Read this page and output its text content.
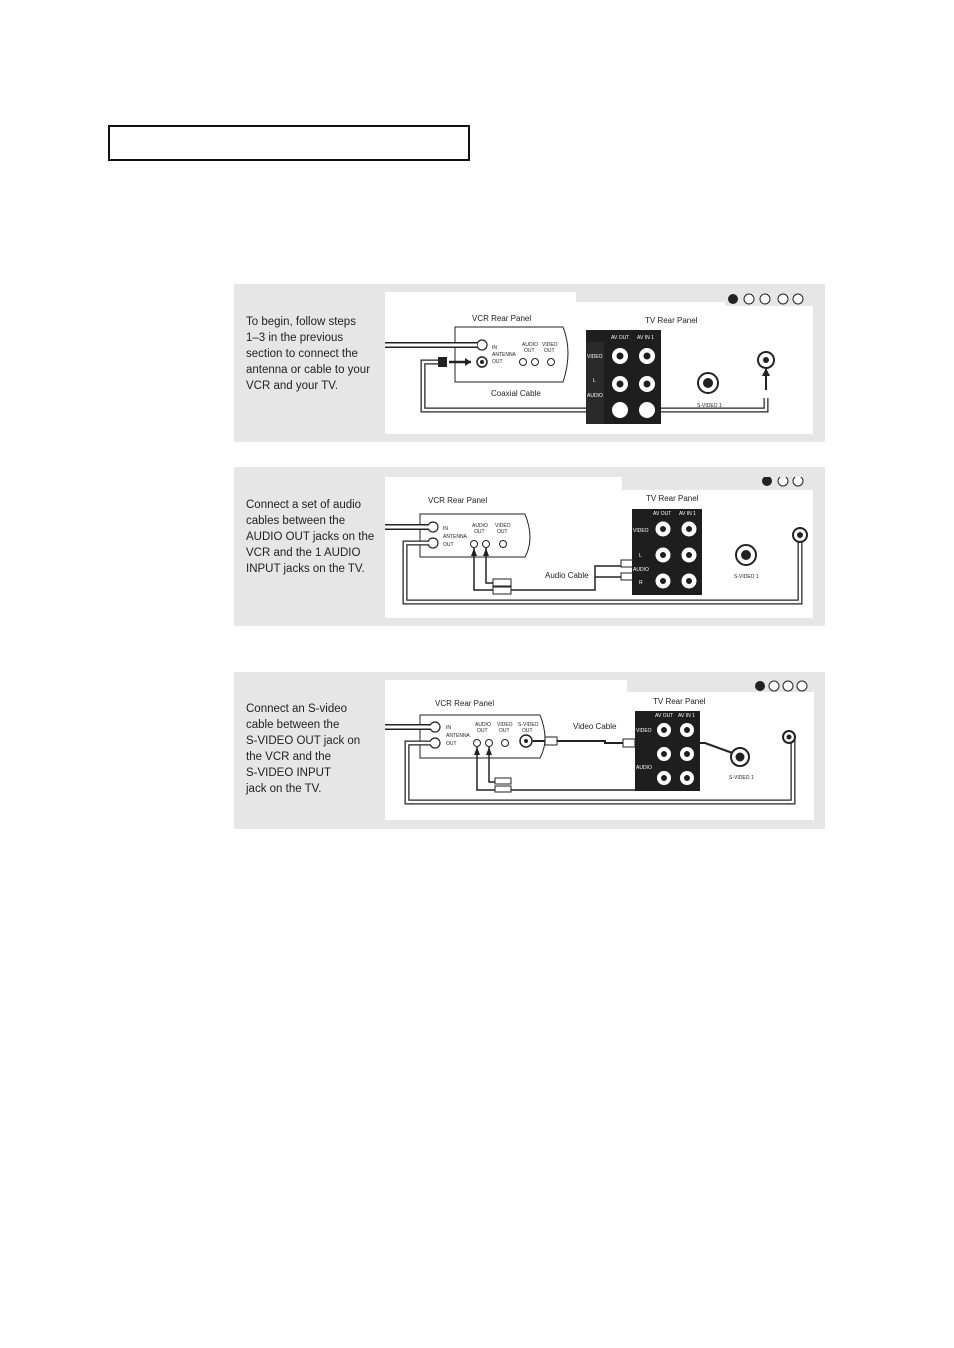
To begin, follow steps
1–3 in the previous
section to connect the
antenna or cable to your
VCR and your TV.
VCR Rear Panel
IN
ANTENNA
OUT
AUDIO
OUT
VIDEO
OUT
Coaxial Cable
TV Rear Panel
AV OUT AV IN 1
VIDEO
L
AUDIO
S-VIDEO 1
Connect a set of audio
cables between the
AUDIO OUT jacks on the
VCR and the 1 AUDIO
INPUT jacks on the TV.
VCR Rear Panel
IN
ANTENNA
OUT
AUDIO
OUT
VIDEO
OUT
Audio Cable
TV Rear Panel
AV OUT AV IN 1
VIDEO
L
AUDIO
R
S-VIDEO 1
Connect an S-video
cable between the
S-VIDEO OUT jack on
the VCR and the
S-VIDEO INPUT
jack on the TV.
VCR Rear Panel
IN
ANTENNA
OUT
AUDIO
OUT
VIDEO
OUT
S-VIDEO
OUT	Video Cable
TV Rear Panel
AV OUT AV IN 1
VIDEO
AUDIO
S-VIDEO 1
